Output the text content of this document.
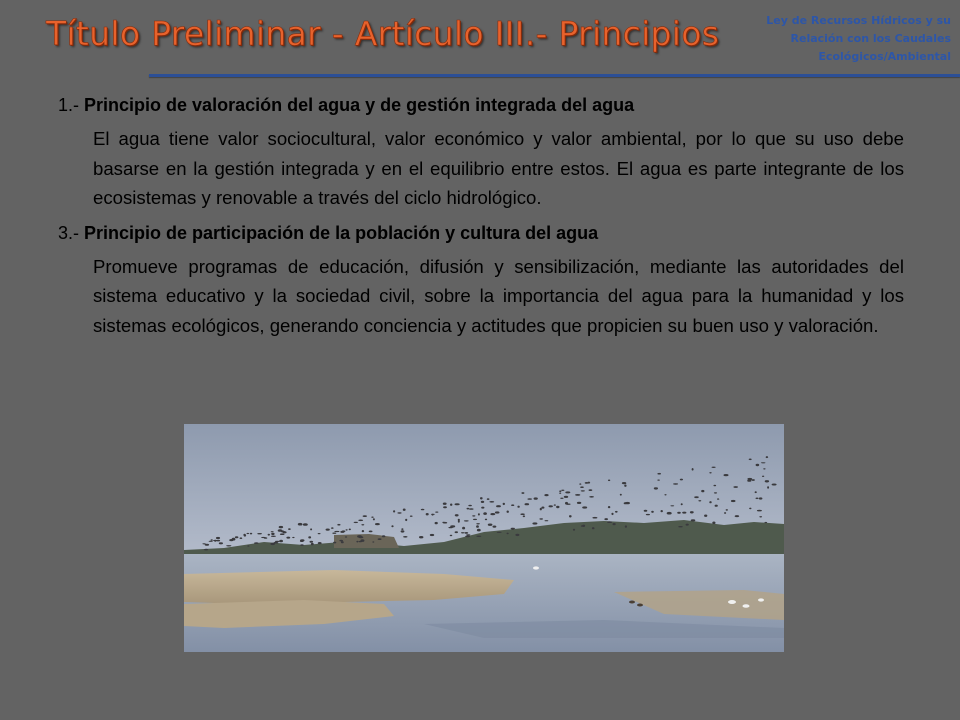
Título Preliminar - Artículo III.- Principios	Ley de Recursos Hídricos y su
Relación con los Caudales
Ecológicos/Ambiental

1.- Principio de valoración del agua y de gestión integrada del agua

El agua tiene valor sociocultural, valor económico y valor ambiental, por lo que su uso debe basarse en la gestión integrada y en el equilibrio entre estos. El agua es parte integrante de los ecosistemas y renovable a través del ciclo hidrológico.

3.- Principio de participación de la población y cultura del agua

Promueve programas de educación, difusión y sensibilización, mediante las autoridades del sistema educativo y la sociedad civil, sobre la importancia del agua para la humanidad y los sistemas ecológicos, generando conciencia y actitudes que propicien su buen uso y valoración.
